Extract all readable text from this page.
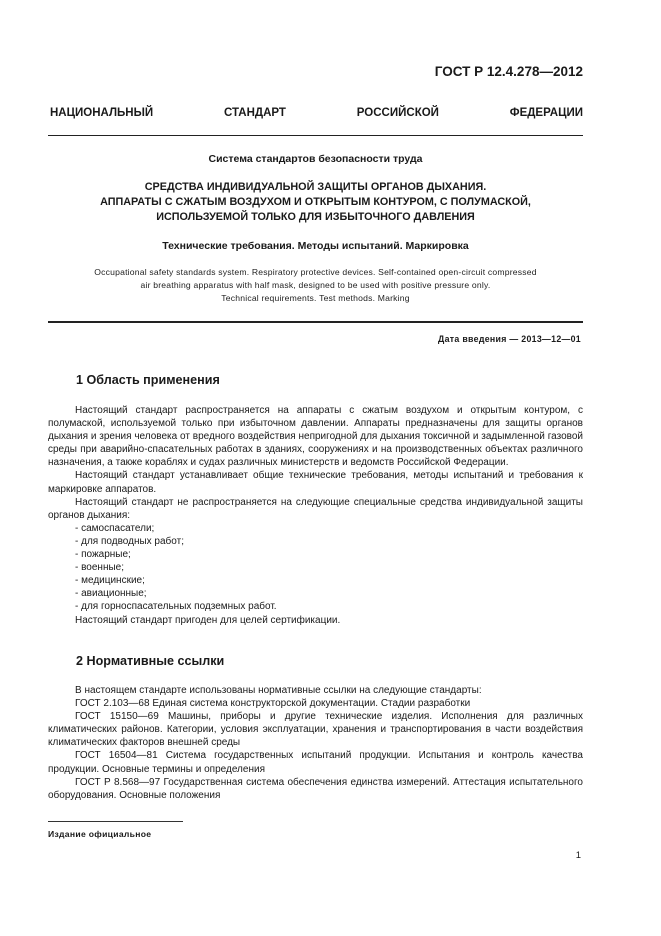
ГОСТ Р 12.4.278—2012
НАЦИОНАЛЬНЫЙ	СТАНДАРТ	РОССИЙСКОЙ	ФЕДЕРАЦИИ
Система стандартов безопасности труда
СРЕДСТВА ИНДИВИДУАЛЬНОЙ ЗАЩИТЫ ОРГАНОВ ДЫХАНИЯ.
АППАРАТЫ С СЖАТЫМ ВОЗДУХОМ И ОТКРЫТЫМ КОНТУРОМ, С ПОЛУМАСКОЙ,
ИСПОЛЬЗУЕМОЙ ТОЛЬКО ДЛЯ ИЗБЫТОЧНОГО ДАВЛЕНИЯ
Технические требования. Методы испытаний. Маркировка
Occupational safety standards system. Respiratory protective devices. Self-contained open-circuit compressed
air breathing apparatus with half mask, designed to be used with positive pressure only.
Technical requirements. Test methods. Marking
Дата введения — 2013—12—01
1 Область применения

Настоящий стандарт распространяется на аппараты с сжатым воздухом и открытым контуром, с полумаской, используемой только при избыточном давлении. Аппараты предназначены для защиты органов дыхания и зрения человека от вредного воздействия непригодной для дыхания токсичной и задымленной газовой среды при аварийно-спасательных работах в зданиях, сооружениях и на производственных объектах различного назначения, а также кораблях и судах различных министерств и ведомств Российской Федерации.

Настоящий стандарт устанавливает общие технические требования, методы испытаний и требования к маркировке аппаратов.

Настоящий стандарт не распространяется на следующие специальные средства индивидуальной защиты органов дыхания:

- самоспасатели;
- для подводных работ;
- пожарные;
- военные;
- медицинские;
- авиационные;
- для горноспасательных подземных работ.

Настоящий стандарт пригоден для целей сертификации.

2 Нормативные ссылки

В настоящем стандарте использованы нормативные ссылки на следующие стандарты:

ГОСТ 2.103—68 Единая система конструкторской документации. Стадии разработки

ГОСТ 15150—69 Машины, приборы и другие технические изделия. Исполнения для различных климатических районов. Категории, условия эксплуатации, хранения и транспортирования в части воздействия климатических факторов внешней среды

ГОСТ 16504—81 Система государственных испытаний продукции. Испытания и контроль качества продукции. Основные термины и определения

ГОСТ Р 8.568—97 Государственная система обеспечения единства измерений. Аттестация испытательного оборудования. Основные положения

Издание официальное
1
